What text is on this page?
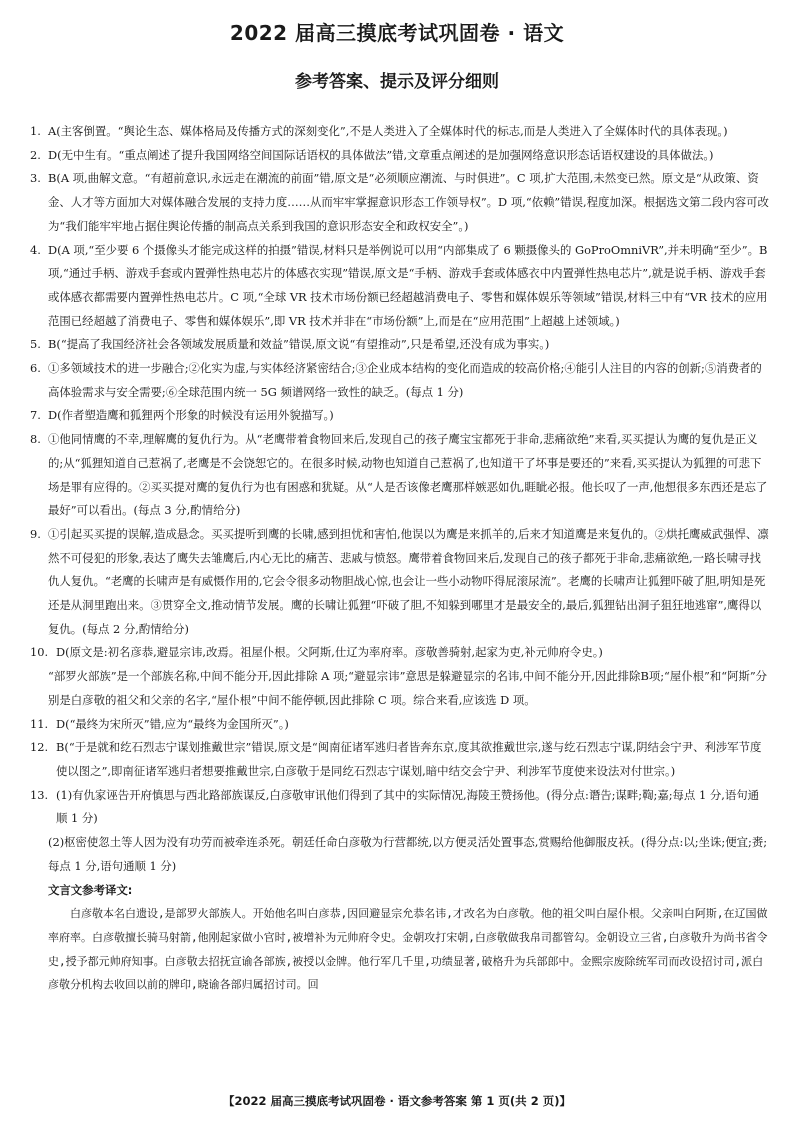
2022 届高三摸底考试巩固卷 · 语文
参考答案、提示及评分细则
1. A(主客倒置。“舆论生态、媒体格局及传播方式的深刻变化”,不是人类进入了全媒体时代的标志,而是人类进入了全媒体时代的具体表现。)
2. D(无中生有。“重点阐述了提升我国网络空间国际话语权的具体做法”错,文章重点阐述的是加强网络意识形态话语权建设的具体做法。)
3. B(A 项,曲解文意。“有超前意识,永远走在潮流的前面”错,原文是“必须顺应潮流、与时俱进”。C 项,扩大范围,未然变已然。原文是“从政策、资金、人才等方面加大对媒体融合发展的支持力度……从而牢牢掌握意识形态工作领导权”。D 项,“依赖”错误,程度加深。根据选文第二段内容可改为“我们能牢牢地占据住舆论传播的制高点关系到我国的意识形态安全和政权安全”。)
4. D(A 项,“至少要 6 个摄像头才能完成这样的拍摄”错误,材料只是举例说可以用“内部集成了 6 颗摄像头的 GoProOmniVR”,并未明确“至少”。B 项,“通过手柄、游戏手套或内置弹性热电芯片的体感衣实现”错误,原文是“手柄、游戏手套或体感衣中内置弹性热电芯片”,就是说手柄、游戏手套或体感衣都需要内置弹性热电芯片。C 项,“全球 VR 技术市场份额已经超越消费电子、零售和媒体娱乐等领域”错误,材料三中有“VR 技术的应用范围已经超越了消费电子、零售和媒体娱乐”,即 VR 技术并非在“市场份额”上,而是在“应用范围”上超越上述领域。)
5. B(“提高了我国经济社会各领域发展质量和效益”错误,原文说“有望推动”,只是希望,还没有成为事实。)
6. ①多领域技术的进一步融合;②化实为虚,与实体经济紧密结合;③企业成本结构的变化而造成的较高价格;④能引人注目的内容的创新;⑤消费者的高体验需求与安全需要;⑥全球范围内统一 5G 频谱网络一致性的缺乏。(每点 1 分)
7. D(作者塑造鹰和狐狸两个形象的时候没有运用外貌描写。)
8. ①他同情鹰的不幸,理解鹰的复仇行为。从“老鹰带着食物回来后,发现自己的孩子鹰宝宝都死于非命,悲痛欲绝”来看,买买提认为鹰的复仇是正义的;从“狐狸知道自己惹祸了,老鹰是不会饶恕它的。在很多时候,动物也知道自己惹祸了,也知道干了坏事是要还的”来看,买买提认为狐狸的可悲下场是罪有应得的。②买买提对鹰的复仇行为也有困惑和犹疑。从“人是否该像老鹰那样嫉恶如仇,睚眦必报。他长叹了一声,他想很多东西还是忘了最好”可以看出。(每点 3 分,酌情给分)
9. ①引起买买提的误解,造成悬念。买买提听到鹰的长啸,感到担忧和害怕,他误以为鹰是来抓羊的,后来才知道鹰是来复仇的。②烘托鹰威武强悍、凛然不可侵犯的形象,表达了鹰失去雏鹰后,内心无比的痛苦、悲戚与愤怒。鹰带着食物回来后,发现自己的孩子都死于非命,悲痛欲绝,一路长啸寻找仇人复仇。“老鹰的长啸声是有威慑作用的,它会令很多动物胆战心惊,也会让一些小动物吓得屁滚尿流”。老鹰的长啸声让狐狸吓破了胆,明知是死还是从洞里跑出来。③贯穿全文,推动情节发展。鹰的长啸让狐狸“吓破了胆,不知躲到哪里才是最安全的,最后,狐狸钻出洞子狙狂地逃窜”,鹰得以复仇。(每点 2 分,酌情给分)
10. D(原文是:初名彦恭,避显宗讳,改焉。祖屋仆根。父阿斯,仕辽为率府率。彦敬善骑射,起家为吏,补元帅府令史。)

“部罗火部族”是一个部族名称,中间不能分开,因此排除 A 项;“避显宗讳”意思是躲避显宗的名讳,中间不能分开,因此排除B项;“屋仆根”和“阿斯”分别是白彦敬的祖父和父亲的名字,“屋仆根”中间不能停顿,因此排除 C 项。综合来看,应该选 D 项。

11. D(“最终为宋所灭”错,应为“最终为金国所灭”。)
12. B(“于是就和纥石烈志宁谋划推戴世宗”错误,原文是“闽南征诸军逃归者皆奔东京,度其欲推戴世宗,遂与纥石烈志宁谋,阴结会宁尹、利涉军节度使以图之”,即南征诸军逃归者想要推戴世宗,白彦敬于是同纥石烈志宁谋划,暗中结交会宁尹、利涉军节度使来设法对付世宗。)
13. (1)有仇家诬告开府慎思与西北路部族谋反,白彦敬审讯他们得到了其中的实际情况,海陵王赞扬他。(得分点:谮告;谋畔;鞫;嘉;每点 1 分,语句通顺 1 分)

(2)枢密使忽土等人因为没有功劳而被牵连杀死。朝廷任命白彦敬为行营都统,以方便灵活处置事态,赏赐给他御服皮袄。(得分点:以;坐诛;便宜;赉;每点 1 分,语句通顺 1 分)

文言文参考译文:

白彦敬本名白遗设,是部罗火部族人。开始他名叫白彦恭,因回避显宗允恭名讳,才改名为白彦敬。他的祖父叫白屋仆根。父亲叫白阿斯,在辽国做率府率。白彦敬擅长骑马射箭,他刚起家做小官时,被增补为元帅府令史。金朝攻打宋朝,白彦敬做我帛司都管勾。金朝设立三省,白彦敬升为尚书省令史,授予都元帅府知事。白彦敬去招抚宣谕各部族,被授以金牌。他行军几千里,功绩显著,破格升为兵部郎中。金熙宗废除统军司而改设招讨司,派白彦敬分机构去收回以前的牌印,晓谕各部归属招讨司。回

【2022 届高三摸底考试巩固卷 · 语文参考答案 第 1 页(共 2 页)】
